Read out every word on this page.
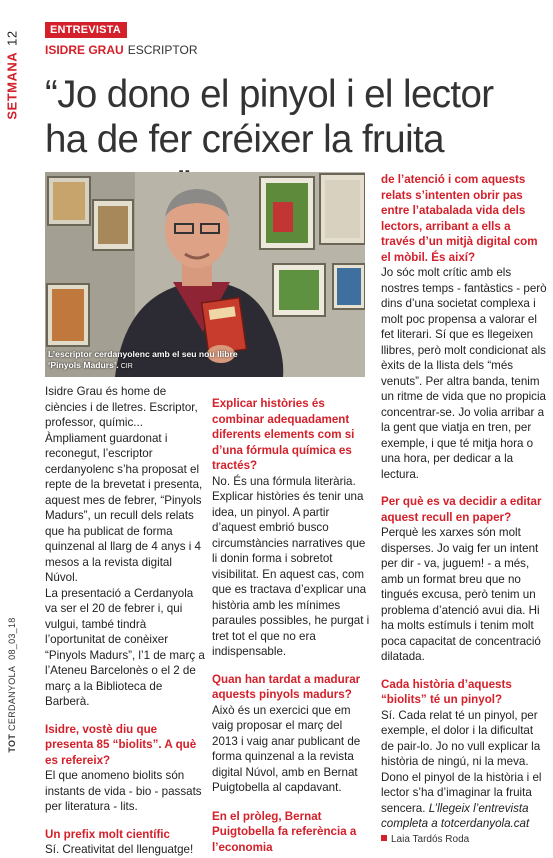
SETMANA12
TOTCERDANYOLA08_03_18
ENTREVISTA
ISIDRE GRAU ESCRIPTOR
“Jo dono el pinyol i el lector ha de fer créixer la fruita
L’escriptor cerdanyolenc amb el seu nou llibre ‘Pinyols Madurs’. CIR

Isidre Grau és home de ciències i de lletres. Escriptor, professor, químic... Àmpliament guardonat i reconegut, l’escriptor cerdanyolenc s’ha proposat el repte de la brevetat i presenta, aquest mes de febrer, “Pinyols Madurs”, un recull dels relats que ha publicat de forma quinzenal al llarg de 4 anys i 4 mesos a la revista digital Núvol.

La presentació a Cerdanyola va ser el 20 de febrer i, qui vulgui, també tindrà l’oportunitat de conèixer “Pinyols Madurs”, l’1 de març a l’Ateneu Barcelonès o el 2 de març a la Biblioteca de Barberà.

Isidre, vostè diu que presenta 85 “biolits”. A què es refereix?

El que anomeno biolits són instants de vida - bio - passats per literatura - lits.

Un prefix molt científic

Sí. Creativitat del llenguatge!

Explicar històries és combinar adequadament diferents elements com si d’una fórmula química es tractés?

No. És una fórmula literària. Explicar històries és tenir una idea, un pinyol. A partir d’aquest embrió busco circumstàncies narratives que li donin forma i sobretot visibilitat. En aquest cas, com que es tractava d’explicar una història amb les mínimes paraules possibles, he purgat i tret tot el que no era indispensable.

Quan han tardat a madurar aquests pinyols madurs?

Això és un exercici que em vaig proposar el març del 2013 i vaig anar publicant de forma quinzenal a la revista digital Núvol, amb en Bernat Puigtobella al capdavant.

En el pròleg, Bernat Puigtobella fa referència a l’economia

de l’atenció i com aquests relats s’intenten obrir pas entre l’atabalada vida dels lectors, arribant a ells a través d’un mitjà digital com el mòbil. És així?

Jo sóc molt crític amb els nostres temps - fantàstics - però dins d’una societat complexa i molt poc propensa a valorar el fet literari. Sí que es llegeixen llibres, però molt condicionat als èxits de la llista dels “més venuts”. Per altra banda, tenim un ritme de vida que no propicia concentrar-se. Jo volia arribar a la gent que viatja en tren, per exemple, i que té mitja hora o una hora, per dedicar a la lectura.

Per què es va decidir a editar aquest recull en paper?

Perquè les xarxes són molt disperses. Jo vaig fer un intent per dir - va, juguem! - a més, amb un format breu que no tingués excusa, però tenim un problema d’atenció avui dia. Hi ha molts estímuls i tenim molt poca capacitat de concentració dilatada.

Cada història d’aquests “biolits” té un pinyol?

Sí. Cada relat té un pinyol, per exemple, el dolor i la dificultat de pair-lo. Jo no vull explicar la història de ningú, ni la meva. Dono el pinyol de la història i el lector s’ha d’imaginar la fruita sencera. L’llegeix l’entrevista completa a totcerdanyola.cat

Laia Tardós Roda
